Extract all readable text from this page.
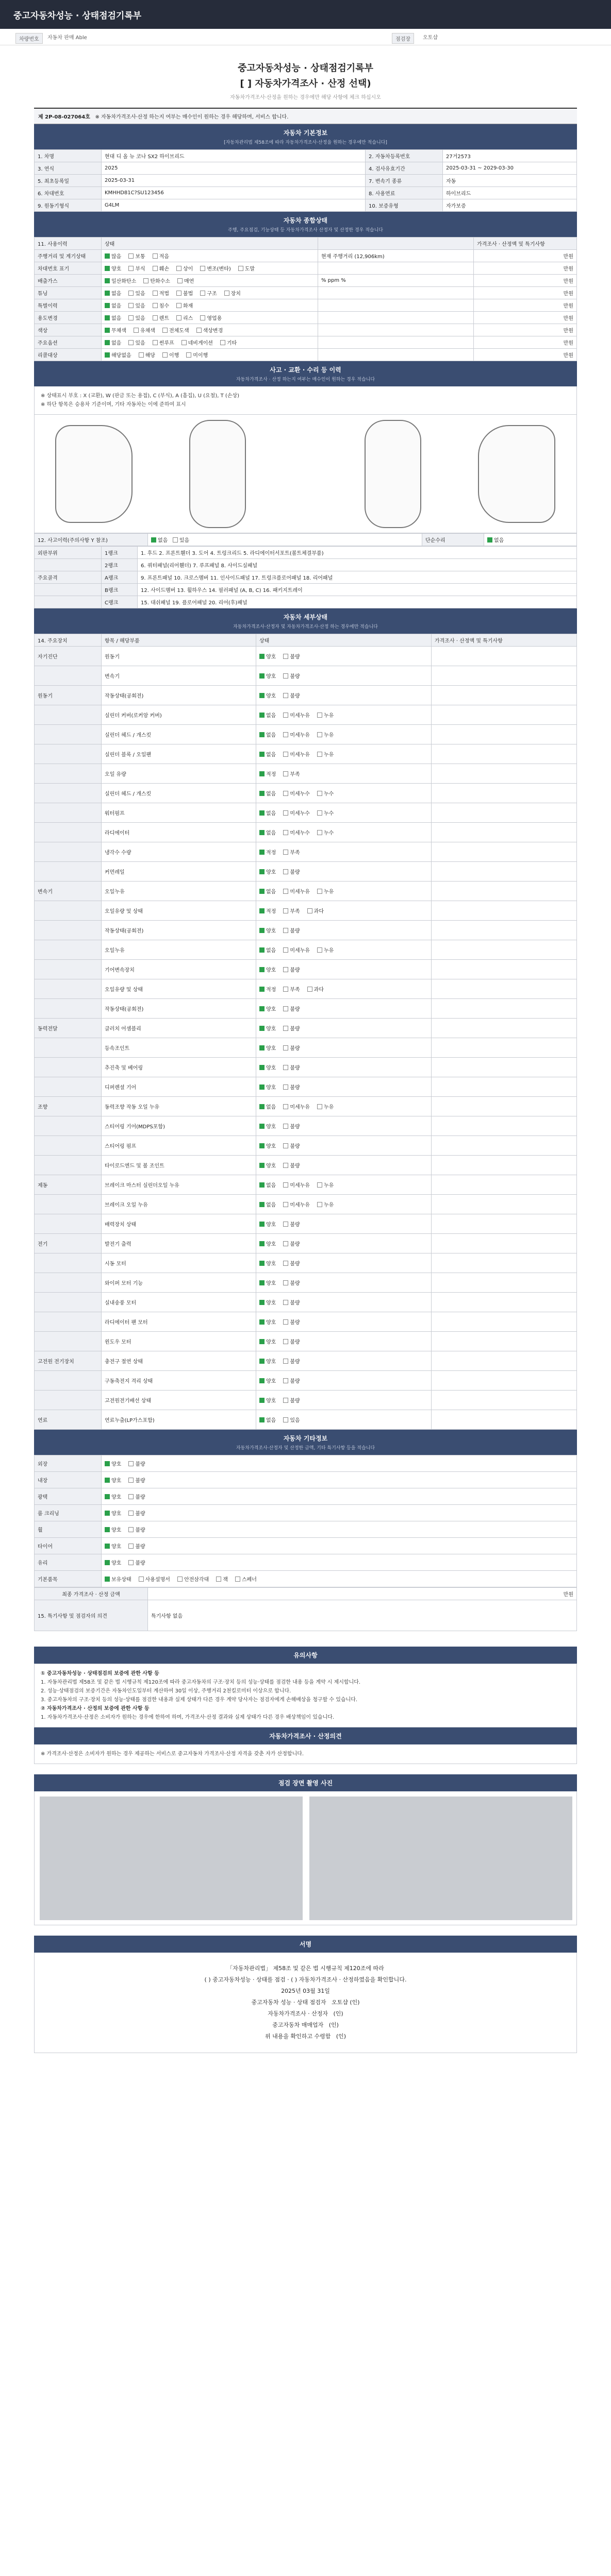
중고자동차성능 · 상태점검기록부
차량번호	자동차 판매 Able	점검장	오토샵
중고자동차성능 · 상태점검기록부
[ ] 자동차가격조사 · 산정 선택)
자동차가격조사·산정을 원하는 경우에만 해당 사항에 체크 하십시오
제 2P-08-027064호 ※ 자동차가격조사·산정 하는지 여부는 매수인이 원하는 경우 해당하며, 서비스 합니다.
자동차 기본정보
[자동차관리법 제58조에 따라 자동차가격조사·산정을 원하는 경우에만 적습니다]
1. 차명	현대 디 올 뉴 코나 SX2 하이브리드	2. 자동차등록번호	27거2573
3. 연식	2025	4. 검사유효기간	2025-03-31 ~ 2029-03-30
5. 최초등록일	2025-03-31	7. 변속기 종류	자동
6. 차대번호	KMHHD81C?SU123456	8. 사용연료	하이브리드
9. 원동기형식	G4LM	10. 보증유형	자가보증
자동차 종합상태
주행, 주요점검, 기능상태 등 자동차가격조사 산정자 및 산정한 경우 적습니다
11. 사용이력	상태		가격조사 · 산정액 및 특기사항
주행거리 및 계기상태	많음 보통 적음	현재 주행거리 (12,906km)	만원
차대번호 표기	양호 부식 훼손 상이 변조(변타) 도말		만원
배출가스	일산화탄소 탄화수소 매연	% ppm %	만원
튜닝	없음 있음 적법 불법 구조 장치		만원
특별이력	없음 있음 침수 화재		만원
용도변경	없음 있음 렌트 리스 영업용		만원
색상	무채색 유채색 전체도색 색상변경		만원
주요옵션	없음 있음 썬루프 네비게이션 기타		만원
리콜대상	해당없음 해당 이행 미이행		만원
사고 · 교환 · 수리 등 이력
자동차가격조사 · 산정 하는지 여부는 매수인이 원하는 경우 적습니다
※ 상태표시 부호 : X (교환), W (판금 또는 용접), C (부식), A (흠집), U (요철), T (손상)
※ 하단 항목은 승용차 기준이며, 기타 자동차는 이에 준하여 표시
12. 사고이력(주의사항 Y 참조)	없음 있음	단순수리	없음
외판부위	1랭크	1. 후드 2. 프론트휀더 3. 도어 4. 트렁크리드 5. 라디에이터서포트(볼트체결부품)
	2랭크	6. 쿼터패널(리어휀더) 7. 루프패널 8. 사이드실패널
주요골격	A랭크	9. 프론트패널 10. 크로스멤버 11. 인사이드패널 17. 트렁크플로어패널 18. 리어패널
	B랭크	12. 사이드멤버 13. 휠하우스 14. 필러패널 (A, B, C) 16. 패키지트레이
	C랭크	15. 대쉬패널 19. 플로어패널 20. 리어(후)패널
자동차 세부상태
자동차가격조사·산정자 및 자동차가격조사·산정 하는 경우에만 적습니다
14. 주요장치	항목 / 해당부품	상태	가격조사 · 산정액 및 특기사항
자기진단	원동기	양호 불량	
	변속기	양호 불량	
원동기	작동상태(공회전)	양호 불량	
	실린더 커버(로커암 커버)	없음 미세누유 누유	
	실린더 헤드 / 개스킷	없음 미세누유 누유	
	실린더 블록 / 오일팬	없음 미세누유 누유	
	오일 유량	적정 부족	
	실린더 헤드 / 개스킷	없음 미세누수 누수	
	워터펌프	없음 미세누수 누수	
	라디에이터	없음 미세누수 누수	
	냉각수 수량	적정 부족	
	커먼레일	양호 불량	
변속기	오일누유	없음 미세누유 누유	
	오일유량 및 상태	적정 부족 과다	
	작동상태(공회전)	양호 불량	
	오일누유	없음 미세누유 누유	
	기어변속장치	양호 불량	
	오일유량 및 상태	적정 부족 과다	
	작동상태(공회전)	양호 불량	
동력전달	클러치 어셈블리	양호 불량	
	등속조인트	양호 불량	
	추진축 및 베어링	양호 불량	
	디퍼렌셜 기어	양호 불량	
조향	동력조향 작동 오일 누유	없음 미세누유 누유	
	스티어링 기어(MDPS포함)	양호 불량	
	스티어링 펌프	양호 불량	
	타이로드엔드 및 볼 조인트	양호 불량	
제동	브레이크 마스터 실린더오일 누유	없음 미세누유 누유	
	브레이크 오일 누유	없음 미세누유 누유	
	배력장치 상태	양호 불량	
전기	발전기 출력	양호 불량	
	시동 모터	양호 불량	
	와이퍼 모터 기능	양호 불량	
	실내송풍 모터	양호 불량	
	라디에이터 팬 모터	양호 불량	
	윈도우 모터	양호 불량	
고전원 전기장치	충전구 절연 상태	양호 불량	
	구동축전지 격리 상태	양호 불량	
	고전원전기배선 상태	양호 불량	
연료	연료누출(LP가스포함)	없음 있음	
자동차 기타정보
자동차가격조사·산정자 및 산정한 금액, 기타 특기사항 등을 적습니다
외장	양호 불량
내장	양호 불량
광택	양호 불량
룸 크리닝	양호 불량
휠	양호 불량
타이어	양호 불량
유리	양호 불량
기본품목	보유상태 사용설명서 안전삼각대 잭 스페너
최종 가격조사 · 산정 금액	만원
15. 특기사항 및 점검자의 의견	특기사항 없음
유의사항
① 중고자동차성능 · 상태점검의 보증에 관한 사항 등
1. 자동차관리법 제58조 및 같은 법 시행규칙 제120조에 따라 중고자동차의 구조·장치 등의 성능·상태를 점검한 내용 등을 계약 시 제시합니다.
2. 성능·상태점검의 보증기간은 자동차인도일부터 계산하여 30일 이상, 주행거리 2천킬로미터 이상으로 합니다.
3. 중고자동차의 구조·장치 등의 성능·상태를 점검한 내용과 실제 상태가 다른 경우 계약 당사자는 점검자에게 손해배상을 청구할 수 있습니다.
② 자동차가격조사 · 산정의 보증에 관한 사항 등
1. 자동차가격조사·산정은 소비자가 원하는 경우에 한하여 하며, 가격조사·산정 결과와 실제 상태가 다른 경우 배상책임이 있습니다.
자동차가격조사 · 산정의견
※ 가격조사·산정은 소비자가 원하는 경우 제공하는 서비스로 중고자동차 가격조사·산정 자격을 갖춘 자가 산정합니다.
점검 장면 촬영 사진
서명
「자동차관리법」 제58조 및 같은 법 시행규칙 제120조에 따라
( ) 중고자동차성능 · 상태를 점검 · ( ) 자동차가격조사 · 산정하였음을 확인합니다.
2025년 03월 31일
중고자동차 성능 · 상태 점검자 오토샵 (인)
자동차가격조사 · 산정자 (인)
중고자동차 매매업자 (인)
위 내용을 확인하고 수령함 (인)
